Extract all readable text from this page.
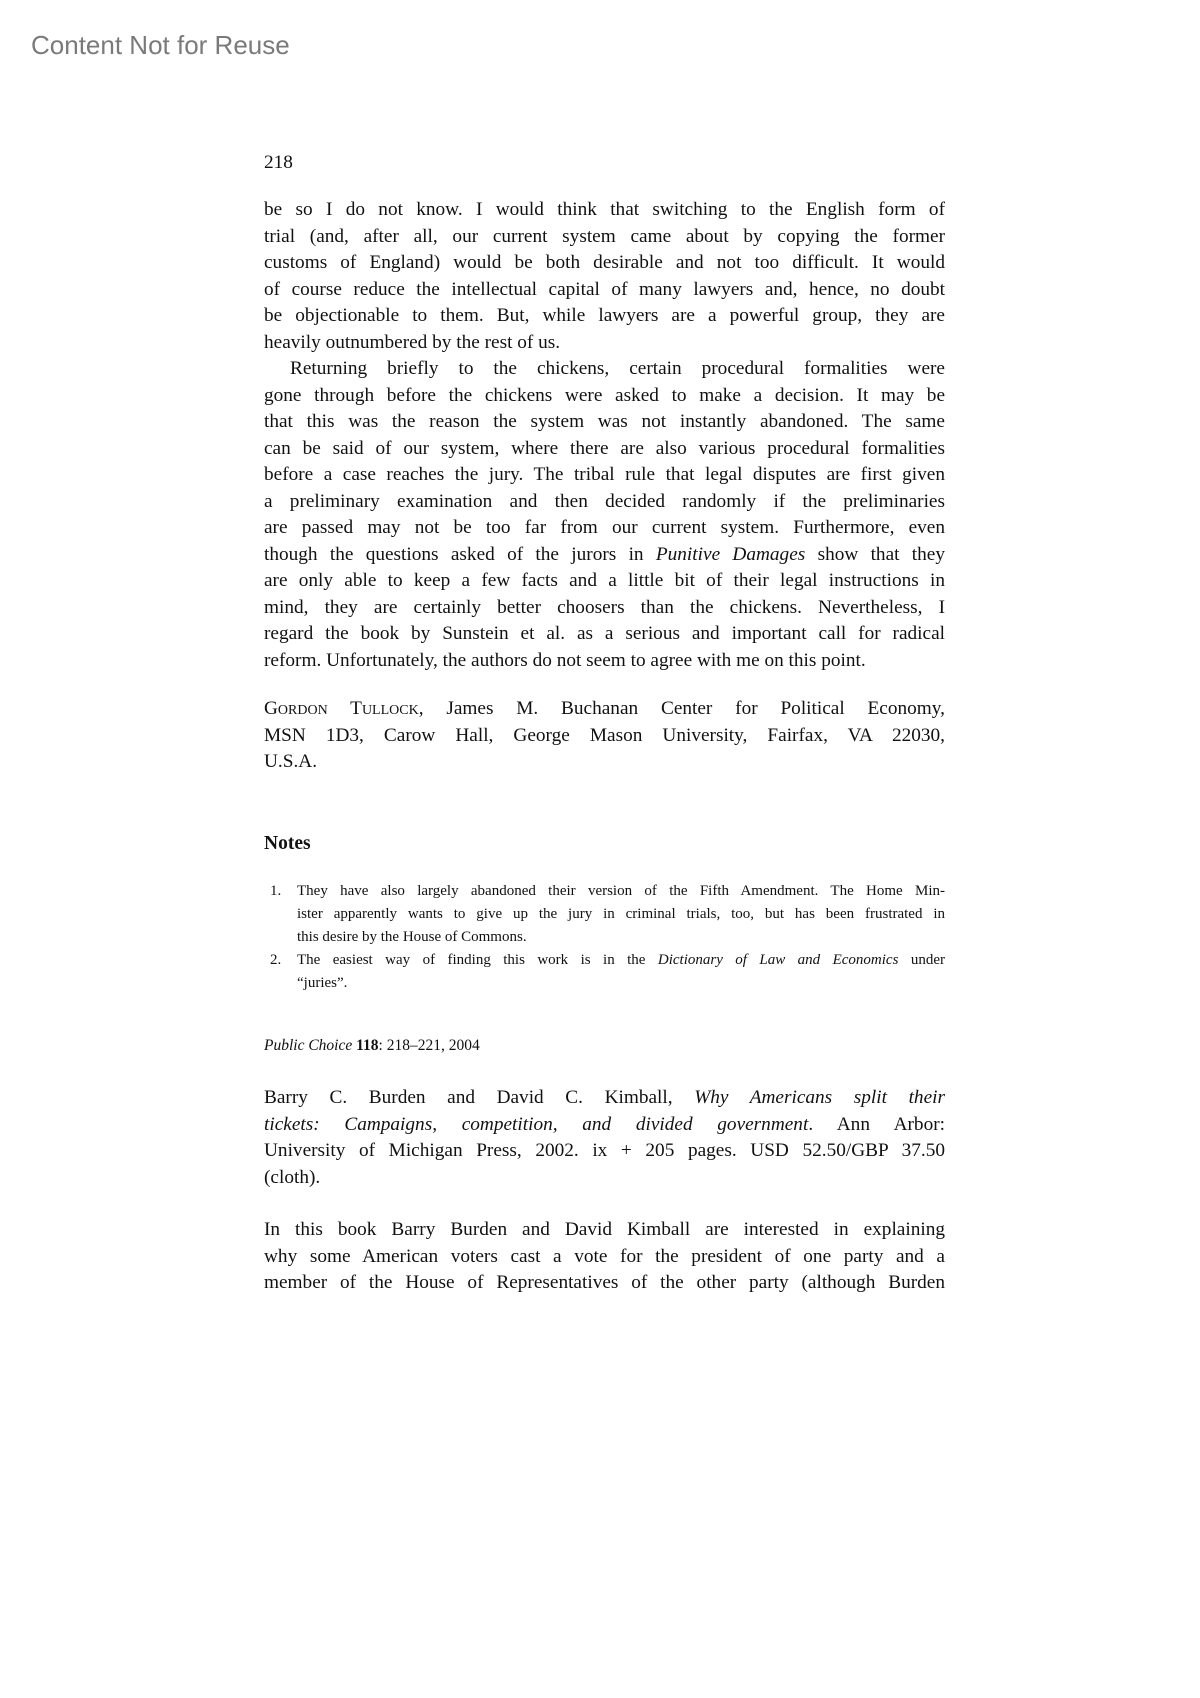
Content Not for Reuse
218
be so I do not know. I would think that switching to the English form of
trial (and, after all, our current system came about by copying the former
customs of England) would be both desirable and not too difficult. It would
of course reduce the intellectual capital of many lawyers and, hence, no doubt
be objectionable to them. But, while lawyers are a powerful group, they are
heavily outnumbered by the rest of us.
Returning briefly to the chickens, certain procedural formalities were
gone through before the chickens were asked to make a decision. It may be
that this was the reason the system was not instantly abandoned. The same
can be said of our system, where there are also various procedural formalities
before a case reaches the jury. The tribal rule that legal disputes are first given
a preliminary examination and then decided randomly if the preliminaries
are passed may not be too far from our current system. Furthermore, even
though the questions asked of the jurors in Punitive Damages show that they
are only able to keep a few facts and a little bit of their legal instructions in
mind, they are certainly better choosers than the chickens. Nevertheless, I
regard the book by Sunstein et al. as a serious and important call for radical
reform. Unfortunately, the authors do not seem to agree with me on this point.
Gordon Tullock, James M. Buchanan Center for Political Economy,
MSN 1D3, Carow Hall, George Mason University, Fairfax, VA 22030,
U.S.A.
Notes
1. They have also largely abandoned their version of the Fifth Amendment. The Home Min-
ister apparently wants to give up the jury in criminal trials, too, but has been frustrated in
this desire by the House of Commons.
2. The easiest way of finding this work is in the Dictionary of Law and Economics under
“juries”.
Public Choice 118: 218–221, 2004
Barry C. Burden and David C. Kimball, Why Americans split their
tickets: Campaigns, competition, and divided government. Ann Arbor:
University of Michigan Press, 2002. ix + 205 pages. USD 52.50/GBP 37.50
(cloth).
In this book Barry Burden and David Kimball are interested in explaining
why some American voters cast a vote for the president of one party and a
member of the House of Representatives of the other party (although Burden
